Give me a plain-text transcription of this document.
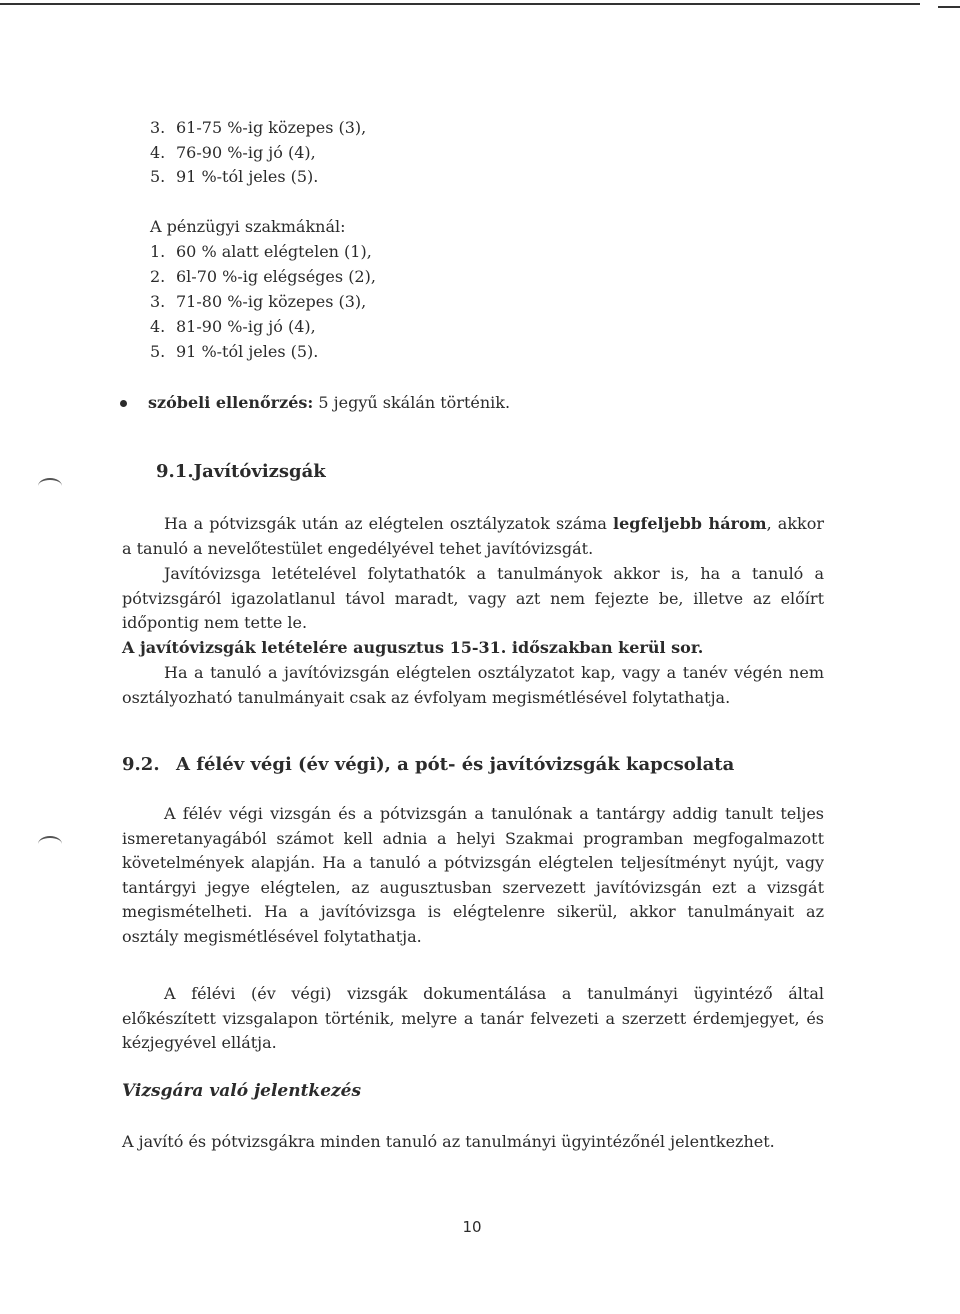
3. 61-75 %-ig közepes (3),
4. 76-90 %-ig jó (4),
5. 91 %-tól jeles (5).
A pénzügyi szakmáknál:
1. 60 % alatt elégtelen (1),
2. 6l-70 %-ig elégséges (2),
3. 71-80 %-ig közepes (3),
4. 81-90 %-ig jó (4),
5. 91 %-tól jeles (5).
szóbeli ellenőrzés: 5 jegyű skálán történik.
9.1.Javítóvizsgák
Ha a pótvizsgák után az elégtelen osztályzatok száma legfeljebb három, akkor a tanuló a nevelőtestület engedélyével tehet javítóvizsgát.
Javítóvizsga letételével folytathatók a tanulmányok akkor is, ha a tanuló a pótvizsgáról igazolatlanul távol maradt, vagy azt nem fejezte be, illetve az előírt időpontig nem tette le.
A javítóvizsgák letételére augusztus 15-31. időszakban kerül sor.
Ha a tanuló a javítóvizsgán elégtelen osztályzatot kap, vagy a tanév végén nem osztályozható tanulmányait csak az évfolyam megismétlésével folytathatja.
9.2. A félév végi (év végi), a pót- és javítóvizsgák kapcsolata
A félév végi vizsgán és a pótvizsgán a tanulónak a tantárgy addig tanult teljes ismeretanyagából számot kell adnia a helyi Szakmai programban megfogalmazott követelmények alapján. Ha a tanuló a pótvizsgán elégtelen teljesítményt nyújt, vagy tantárgyi jegye elégtelen, az augusztusban szervezett javítóvizsgán ezt a vizsgát megismételheti. Ha a javítóvizsga is elégtelenre sikerül, akkor tanulmányait az osztály megismétlésével folytathatja.
A félévi (év végi) vizsgák dokumentálása a tanulmányi ügyintéző által előkészített vizsgalapon történik, melyre a tanár felvezeti a szerzett érdemjegyet, és kézjegyével ellátja.
Vizsgára való jelentkezés
A javító és pótvizsgákra minden tanuló az tanulmányi ügyintézőnél jelentkezhet.
10
